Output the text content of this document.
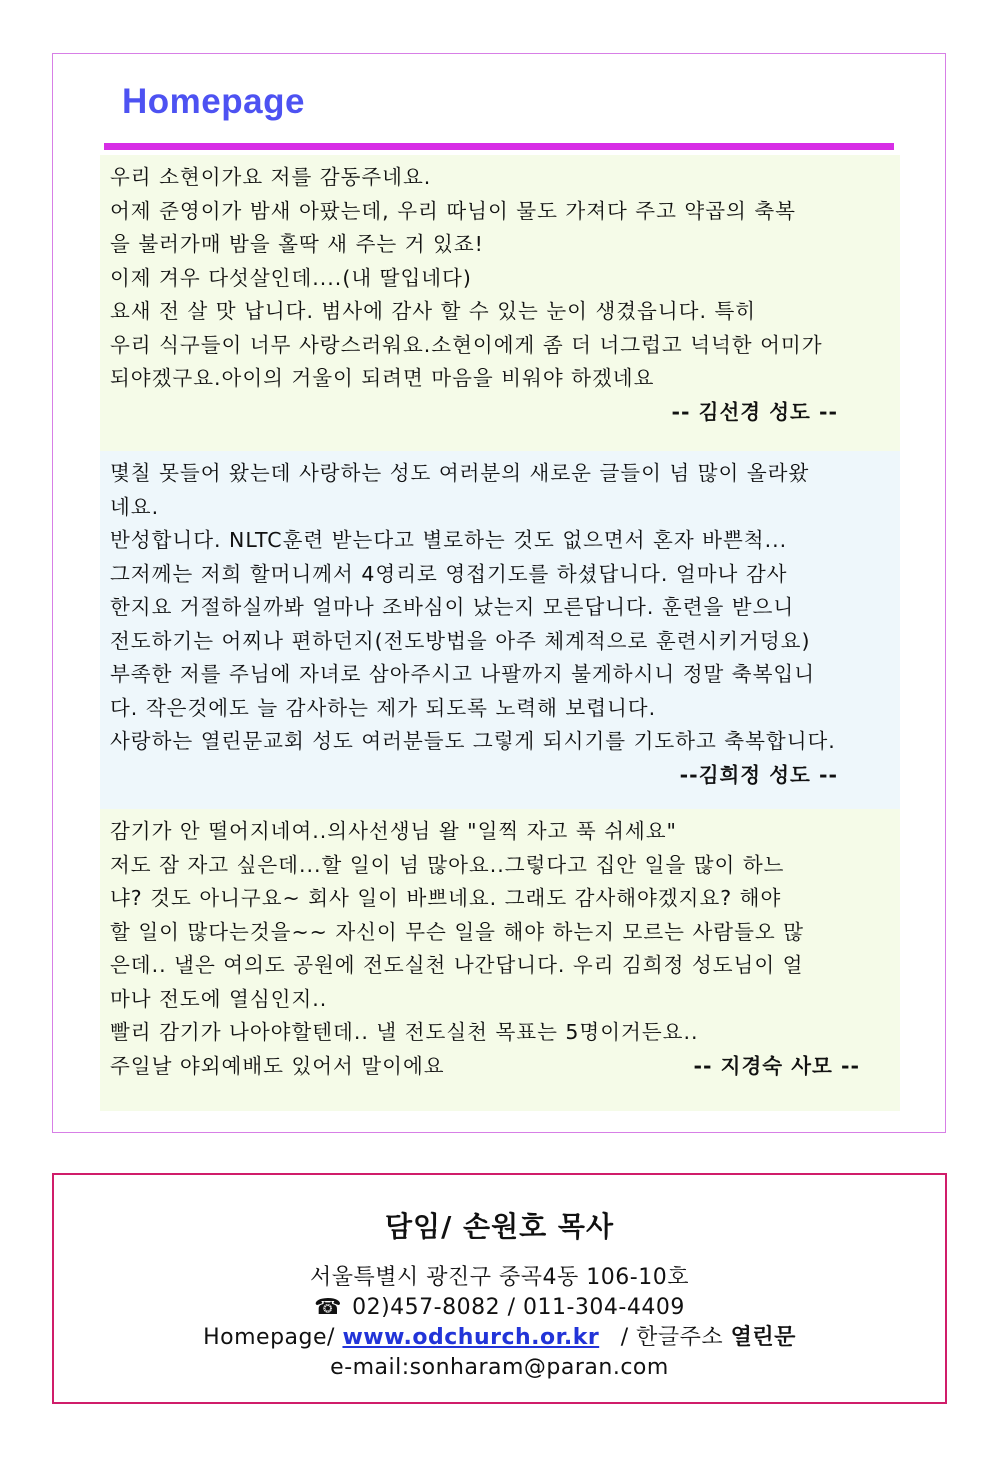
Homepage

우리 소현이가요 저를 감동주네요.

어제 준영이가 밤새 아팠는데, 우리 따님이 물도 가져다 주고 약곱의 축복

을 불러가매 밤을 홀딱 새 주는 거 있죠!

이제 겨우 다섯살인데....(내 딸입네다)

요새 전 살 맛 납니다. 범사에 감사 할 수 있는 눈이 생겼읍니다. 특히

우리 식구들이 너무 사랑스러워요.소현이에게 좀 더 너그럽고 넉넉한 어미가

되야겠구요.아이의 거울이 되려면 마음을 비워야 하겠네요

-- 김선경 성도 --

몇칠 못들어 왔는데 사랑하는 성도 여러분의 새로운 글들이 넘 많이 올라왔

네요.

반성합니다. NLTC훈련 받는다고 별로하는 것도 없으면서 혼자 바쁜척...

그저께는 저희 할머니께서 4영리로 영접기도를 하셨답니다. 얼마나 감사

한지요 거절하실까봐 얼마나 조바심이 났는지 모른답니다. 훈련을 받으니

전도하기는 어찌나 편하던지(전도방법을 아주 체계적으로 훈련시키거덩요)

부족한 저를 주님에 자녀로 삼아주시고 나팔까지 불게하시니 정말 축복입니

다. 작은것에도 늘 감사하는 제가 되도록 노력해 보렵니다.

사랑하는 열린문교회 성도 여러분들도 그렇게 되시기를 기도하고 축복합니다.

--김희정 성도 --

감기가 안 떨어지네여..의사선생님 왈 "일찍 자고 푹 쉬세요"

저도 잠 자고 싶은데...할 일이 넘 많아요..그렇다고 집안 일을 많이 하느

냐? 것도 아니구요~ 회사 일이 바쁘네요. 그래도 감사해야겠지요? 해야

할 일이 많다는것을~~ 자신이 무슨 일을 해야 하는지 모르는 사람들오 많

은데.. 낼은 여의도 공원에 전도실천 나간답니다. 우리 김희정 성도님이 얼

마나 전도에 열심인지..

빨리 감기가 나아야할텐데.. 낼 전도실천 목표는 5명이거든요..

주일날 야외예배도 있어서 말이에요	-- 지경숙 사모 --

담임/ 손원호 목사
서울특별시 광진구 중곡4동 106-10호
☎ 02)457-8082 / 011-304-4409
Homepage/ www.odchurch.or.kr / 한글주소 열린문
e-mail:sonharam@paran.com
